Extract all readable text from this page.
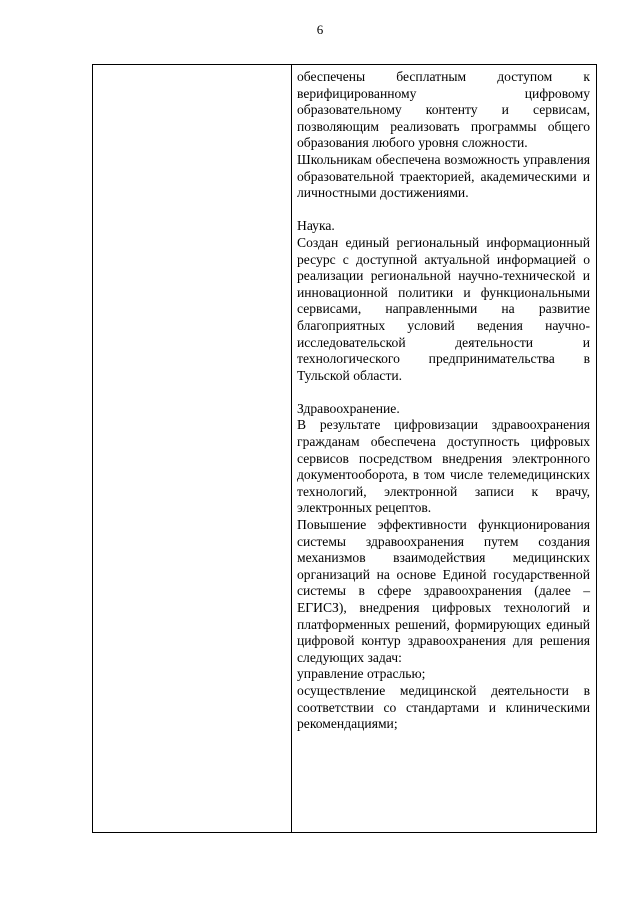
6

обеспечены бесплатным доступом к верифицированному цифровому образовательному контенту и сервисам, позволяющим реализовать программы общего образования любого уровня сложности.

Школьникам обеспечена возможность управления образовательной траекторией, академическими и личностными достижениями.

Наука.

Создан единый региональный информационный ресурс с доступной актуальной информацией о реализации региональной научно-технической и инновационной политики и функциональными сервисами, направленными на развитие благоприятных условий ведения научно-исследовательской деятельности и технологического предпринимательства в Тульской области.

Здравоохранение.

В результате цифровизации здравоохранения гражданам обеспечена доступность цифровых сервисов посредством внедрения электронного документооборота, в том числе телемедицинских технологий, электронной записи к врачу, электронных рецептов.

Повышение эффективности функционирования системы здравоохранения путем создания механизмов взаимодействия медицинских организаций на основе Единой государственной системы в сфере здравоохранения (далее – ЕГИСЗ), внедрения цифровых технологий и платформенных решений, формирующих единый цифровой контур здравоохранения для решения следующих задач:

управление отраслью;

осуществление медицинской деятельности в соответствии со стандартами и клиническими рекомендациями;
